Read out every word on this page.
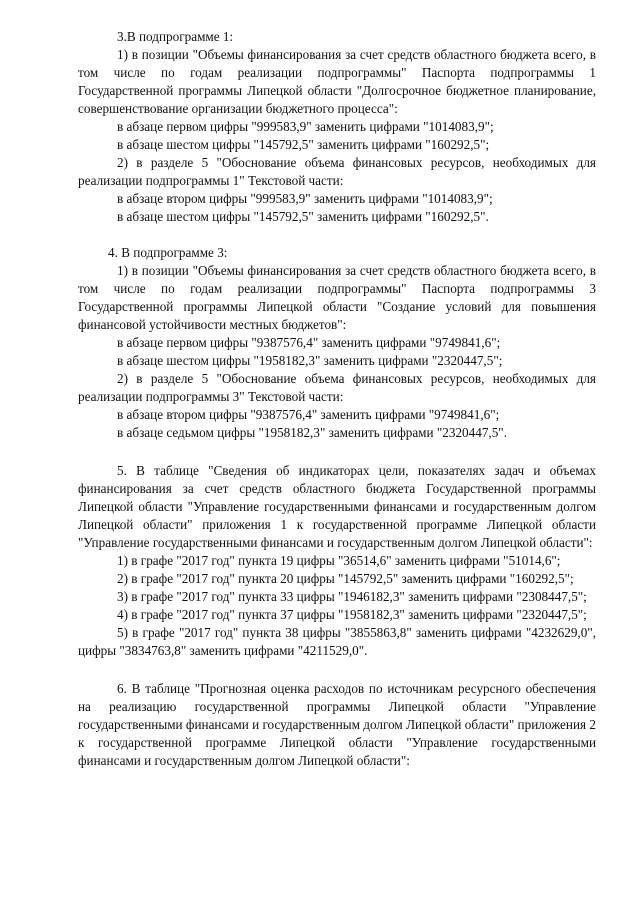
3.В подпрограмме 1:

1) в позиции "Объемы финансирования за счет средств областного бюджета всего, в том числе по годам реализации подпрограммы" Паспорта подпрограммы 1 Государственной программы Липецкой области "Долгосрочное бюджетное планирование, совершенствование организации бюджетного процесса":

в абзаце первом цифры "999583,9" заменить цифрами "1014083,9";

в абзаце шестом цифры "145792,5" заменить цифрами "160292,5";

2) в разделе 5 "Обоснование объема финансовых ресурсов, необходимых для реализации подпрограммы 1" Текстовой части:

в абзаце втором цифры "999583,9" заменить цифрами "1014083,9";

в абзаце шестом цифры "145792,5" заменить цифрами "160292,5".

4. В подпрограмме 3:

1) в позиции "Объемы финансирования за счет средств областного бюджета всего, в том числе по годам реализации подпрограммы" Паспорта подпрограммы 3 Государственной программы Липецкой области "Создание условий для повышения финансовой устойчивости местных бюджетов":

в абзаце первом цифры "9387576,4" заменить цифрами "9749841,6";

в абзаце шестом цифры "1958182,3" заменить цифрами "2320447,5";

2) в разделе 5 "Обоснование объема финансовых ресурсов, необходимых для реализации подпрограммы 3" Текстовой части:

в абзаце втором цифры "9387576,4" заменить цифрами "9749841,6";

в абзаце седьмом цифры "1958182,3" заменить цифрами "2320447,5".

5. В таблице "Сведения об индикаторах цели, показателях задач и объемах финансирования за счет средств областного бюджета Государственной программы Липецкой области "Управление государственными финансами и государственным долгом Липецкой области" приложения 1 к государственной программе Липецкой области "Управление государственными финансами и государственным долгом Липецкой области":

1) в графе "2017 год" пункта 19 цифры "36514,6" заменить цифрами "51014,6";

2) в графе "2017 год" пункта 20 цифры "145792,5" заменить цифрами "160292,5";

3) в графе "2017 год" пункта 33 цифры "1946182,3" заменить цифрами "2308447,5";

4) в графе "2017 год" пункта 37 цифры "1958182,3" заменить цифрами "2320447,5";

5) в графе "2017 год" пункта 38 цифры "3855863,8" заменить цифрами "4232629,0", цифры "3834763,8" заменить цифрами "4211529,0".

6. В таблице "Прогнозная оценка расходов по источникам ресурсного обеспечения на реализацию государственной программы Липецкой области "Управление государственными финансами и государственным долгом Липецкой области" приложения 2 к государственной программе Липецкой области "Управление государственными финансами и государственным долгом Липецкой области":
